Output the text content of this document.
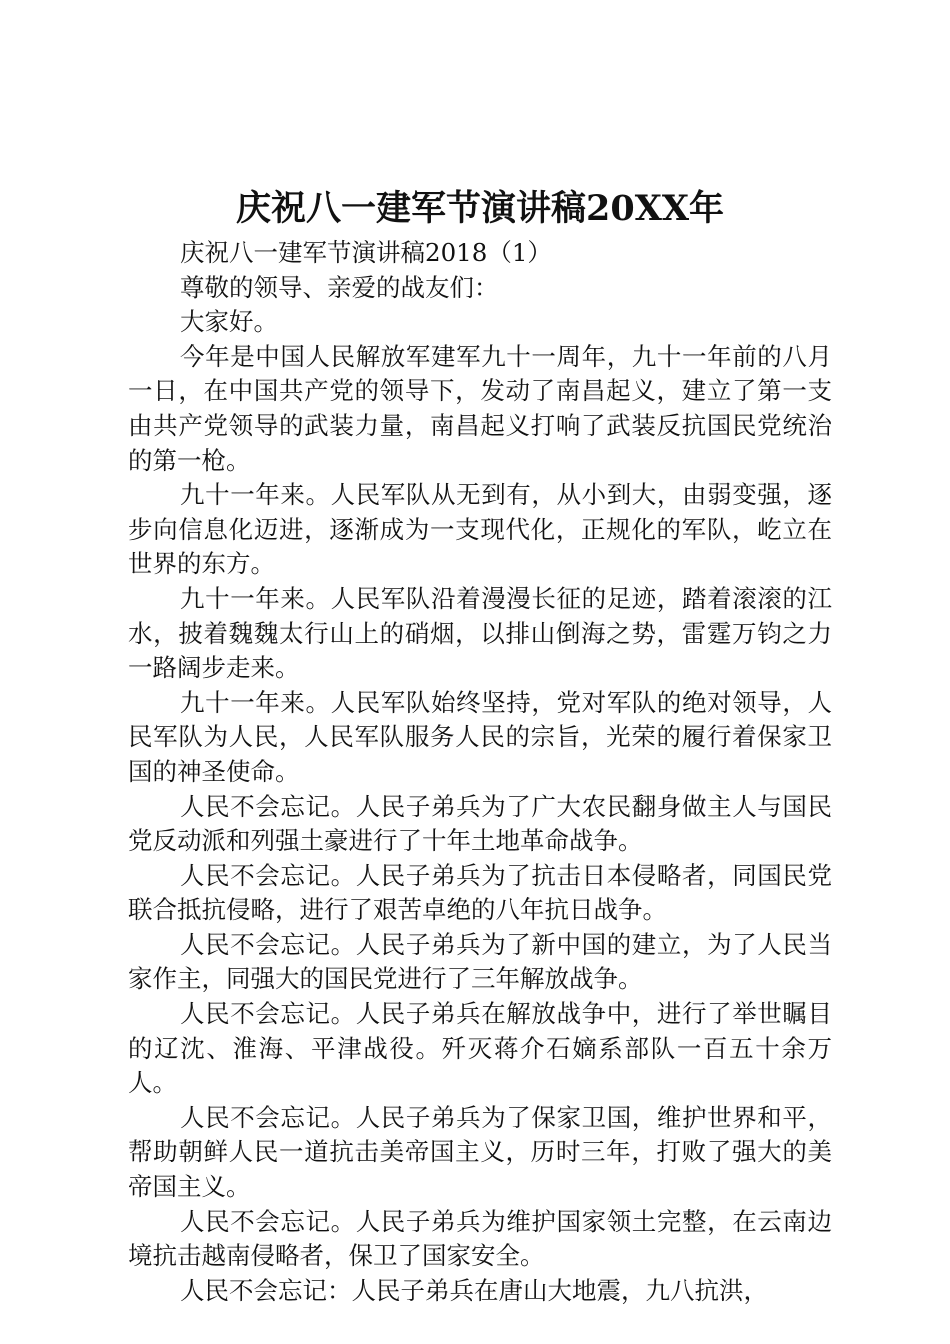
庆祝八一建军节演讲稿20XX年

庆祝八一建军节演讲稿2018（1）

尊敬的领导、亲爱的战友们：

大家好。

今年是中国人民解放军建军九十一周年，九十一年前的八月一日，在中国共产党的领导下，发动了南昌起义，建立了第一支由共产党领导的武装力量，南昌起义打响了武装反抗国民党统治的第一枪。

九十一年来。人民军队从无到有，从小到大，由弱变强，逐步向信息化迈进，逐渐成为一支现代化，正规化的军队，屹立在世界的东方。

九十一年来。人民军队沿着漫漫长征的足迹，踏着滚滚的江水，披着魏魏太行山上的硝烟，以排山倒海之势，雷霆万钧之力一路阔步走来。

九十一年来。人民军队始终坚持，党对军队的绝对领导，人民军队为人民，人民军队服务人民的宗旨，光荣的履行着保家卫国的神圣使命。

人民不会忘记。人民子弟兵为了广大农民翻身做主人与国民党反动派和列强土豪进行了十年土地革命战争。

人民不会忘记。人民子弟兵为了抗击日本侵略者，同国民党联合抵抗侵略，进行了艰苦卓绝的八年抗日战争。

人民不会忘记。人民子弟兵为了新中国的建立，为了人民当家作主，同强大的国民党进行了三年解放战争。

人民不会忘记。人民子弟兵在解放战争中，进行了举世瞩目的辽沈、淮海、平津战役。歼灭蒋介石嫡系部队一百五十余万人。

人民不会忘记。人民子弟兵为了保家卫国，维护世界和平，帮助朝鲜人民一道抗击美帝国主义，历时三年，打败了强大的美帝国主义。

人民不会忘记。人民子弟兵为维护国家领土完整，在云南边境抗击越南侵略者，保卫了国家安全。

人民不会忘记：人民子弟兵在唐山大地震，九八抗洪，
